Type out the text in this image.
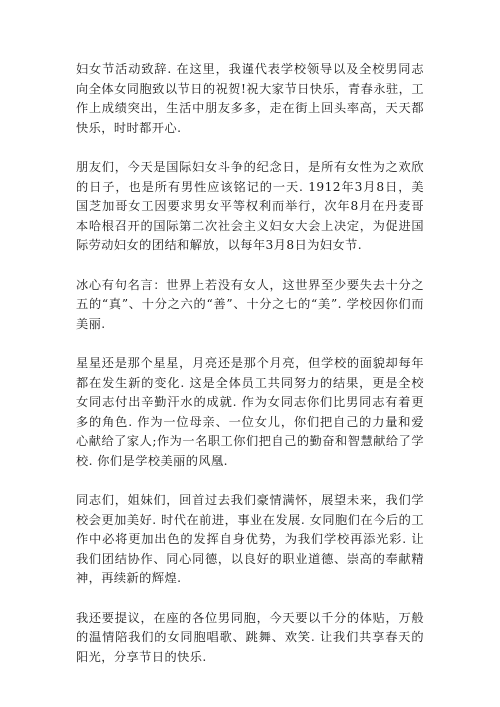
妇女节活动致辞. 在这里，我谨代表学校领导以及全校男同志向全体女同胞致以节日的祝贺!祝大家节日快乐，青春永驻，工作上成绩突出，生活中朋友多多，走在街上回头率高，天天都快乐，时时都开心.

朋友们，今天是国际妇女斗争的纪念日，是所有女性为之欢欣的日子，也是所有男性应该铭记的一天. 1912年3月8日，美国芝加哥女工因要求男女平等权利而举行，次年8月在丹麦哥本哈根召开的国际第二次社会主义妇女大会上决定，为促进国际劳动妇女的团结和解放，以每年3月8日为妇女节.

冰心有句名言：世界上若没有女人，这世界至少要失去十分之五的“真”、十分之六的“善”、十分之七的“美”. 学校因你们而美丽.

星星还是那个星星，月亮还是那个月亮，但学校的面貌却每年都在发生新的变化. 这是全体员工共同努力的结果，更是全校女同志付出辛勤汗水的成就. 作为女同志你们比男同志有着更多的角色. 作为一位母亲、一位女儿，你们把自己的力量和爱心献给了家人;作为一名职工你们把自己的勤奋和智慧献给了学校. 你们是学校美丽的风凰.

同志们，姐妹们，回首过去我们豪情满怀，展望未来，我们学校会更加美好. 时代在前进，事业在发展. 女同胞们在今后的工作中必将更加出色的发挥自身优势，为我们学校再添光彩. 让我们团结协作、同心同德，以良好的职业道德、崇高的奉献精神，再续新的辉煌.

我还要提议，在座的各位男同胞，今天要以千分的体贴，万般的温情陪我们的女同胞唱歌、跳舞、欢笑. 让我们共享春天的阳光，分享节日的快乐.
